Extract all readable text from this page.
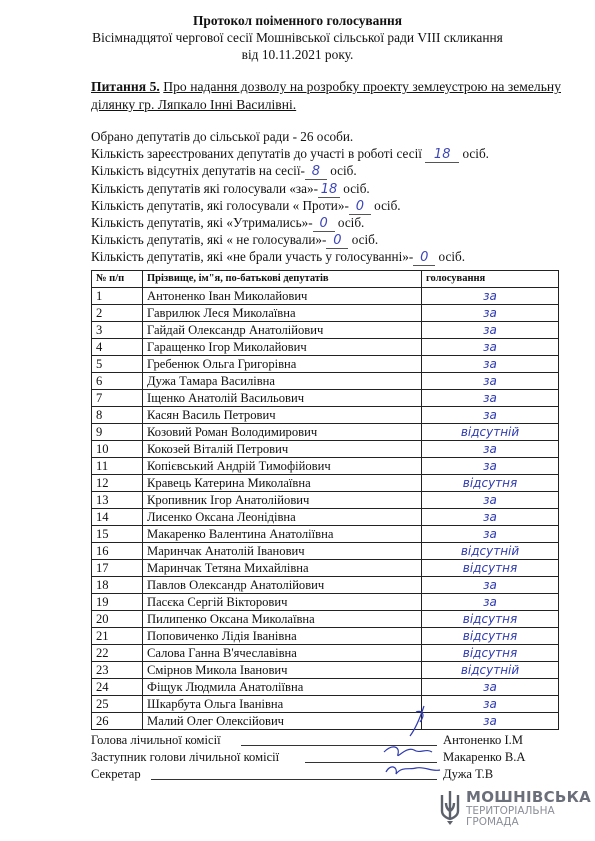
Протокол поіменного голосування
Вісімнадцятої чергової сесії Мошнівської сільської ради VIII скликання
від 10.11.2021 року.
Питання 5. Про надання дозволу на розробку проекту землеустрою на земельну ділянку гр. Ляпкало Інні Василівні.
Обрано депутатів до сільської ради - 26 особи.
Кількість зареєстрованих депутатів до участі в роботі сесії 18 осіб.
Кількість відсутніх депутатів на сесії- 8 осіб.
Кількість депутатів які голосували «за»- 18 осіб.
Кількість депутатів, які голосували « Проти»- 0 осіб.
Кількість депутатів, які «Утримались»- 0 осіб.
Кількість депутатів, які « не голосували»- 0 осіб.
Кількість депутатів, які «не брали участь у голосуванні»- 0 осіб.
№ п/п	Прізвище, ім"я, по-батькові депутатів	голосування
1	Антоненко Іван Миколайович	за
2	Гаврилюк Леся Миколаївна	за
3	Гайдай Олександр Анатолійович	за
4	Гаращенко Ігор Миколайович	за
5	Гребенюк Ольга Григорівна	за
6	Дужа Тамара Василівна	за
7	Іщенко Анатолій Васильович	за
8	Касян Василь Петрович	за
9	Козовий Роман Володимирович	відсутній
10	Кокозей Віталій Петрович	за
11	Копієвський Андрій Тимофійович	за
12	Кравець Катерина Миколаївна	відсутня
13	Кропивник Ігор Анатолійович	за
14	Лисенко Оксана Леонідівна	за
15	Макаренко Валентина Анатоліївна	за
16	Маринчак Анатолій Іванович	відсутній
17	Маринчак Тетяна Михайлівна	відсутня
18	Павлов Олександр Анатолійович	за
19	Пасєка Сергій Вікторович	за
20	Пилипенко Оксана Миколаївна	відсутня
21	Поповиченко Лідія Іванівна	відсутня
22	Салова Ганна В'ячеславівна	відсутня
23	Смірнов Микола Іванович	відсутній
24	Фіщук Людмила Анатоліївна	за
25	Шкарбута Ольга Іванівна	за
26	Малий Олег Олексійович	за
Голова лічильної комісії	Антоненко І.М
Заступник голови лічильної комісії	Макаренко В.А
Секретар	Дужа Т.В
МОШНІВСЬКА
ТЕРИТОРІАЛЬНА
ГРОМАДА
